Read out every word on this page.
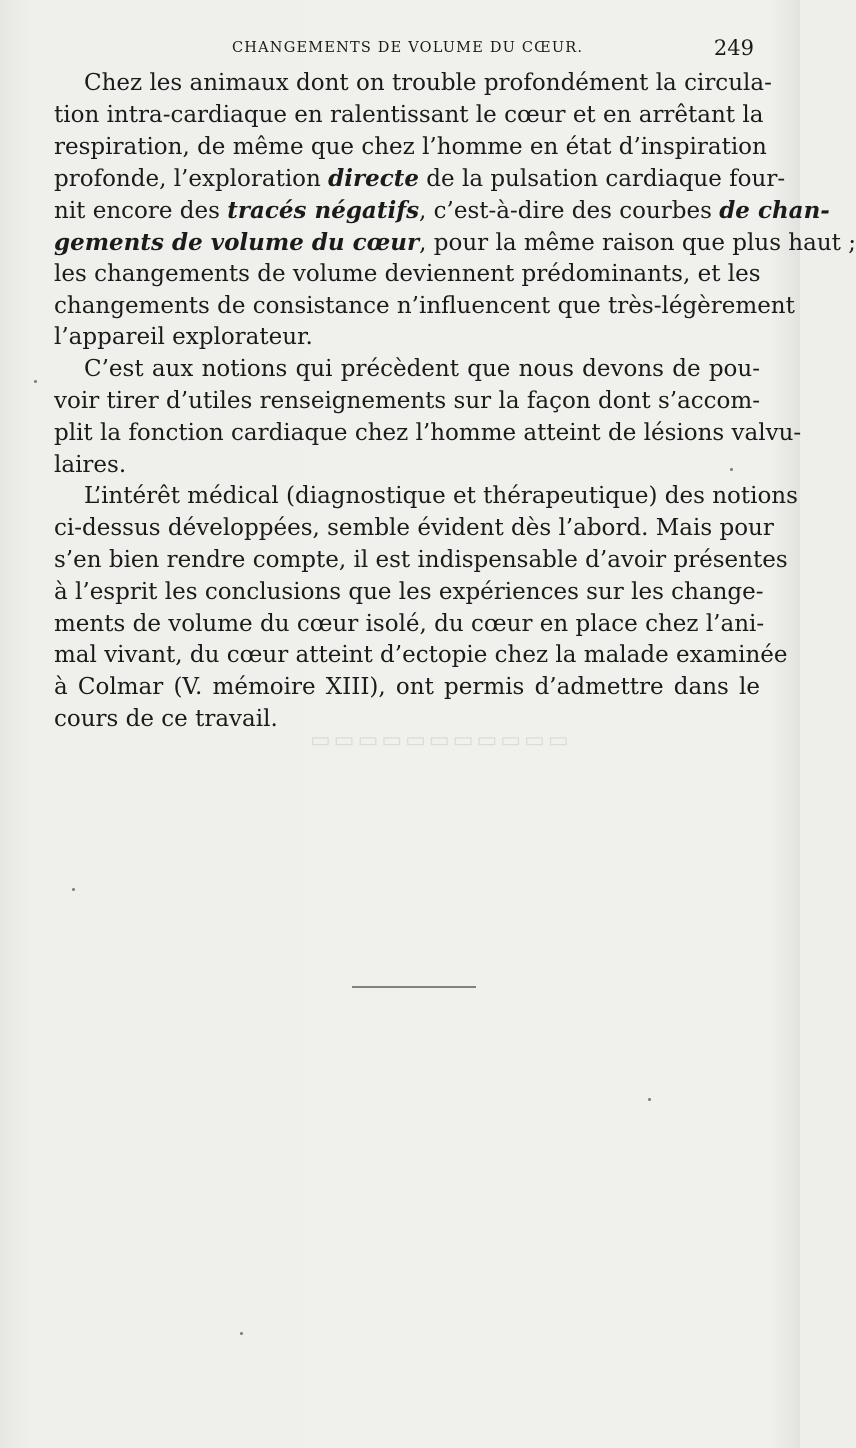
▭▭▭▭▭▭▭▭▭▭▭
CHANGEMENTS DE VOLUME DU CŒUR.	249
Chez les animaux dont on trouble profondément la circula-
tion intra-cardiaque en ralentissant le cœur et en arrêtant la
respiration, de même que chez l’homme en état d’inspiration
profonde, l’exploration directe de la pulsation cardiaque four-
nit encore des tracés négatifs, c’est-à-dire des courbes de chan-
gements de volume du cœur, pour la même raison que plus haut ;
les changements de volume deviennent prédominants, et les
changements de consistance n’influencent que très-légèrement
l’appareil explorateur.
C’est aux notions qui précèdent que nous devons de pou-
voir tirer d’utiles renseignements sur la façon dont s’accom-
plit la fonction cardiaque chez l’homme atteint de lésions valvu-
laires.
L’intérêt médical (diagnostique et thérapeutique) des notions
ci-dessus développées, semble évident dès l’abord. Mais pour
s’en bien rendre compte, il est indispensable d’avoir présentes
à l’esprit les conclusions que les expériences sur les change-
ments de volume du cœur isolé, du cœur en place chez l’ani-
mal vivant, du cœur atteint d’ectopie chez la malade examinée
à Colmar (V. mémoire XIII), ont permis d’admettre dans le
cours de ce travail.
